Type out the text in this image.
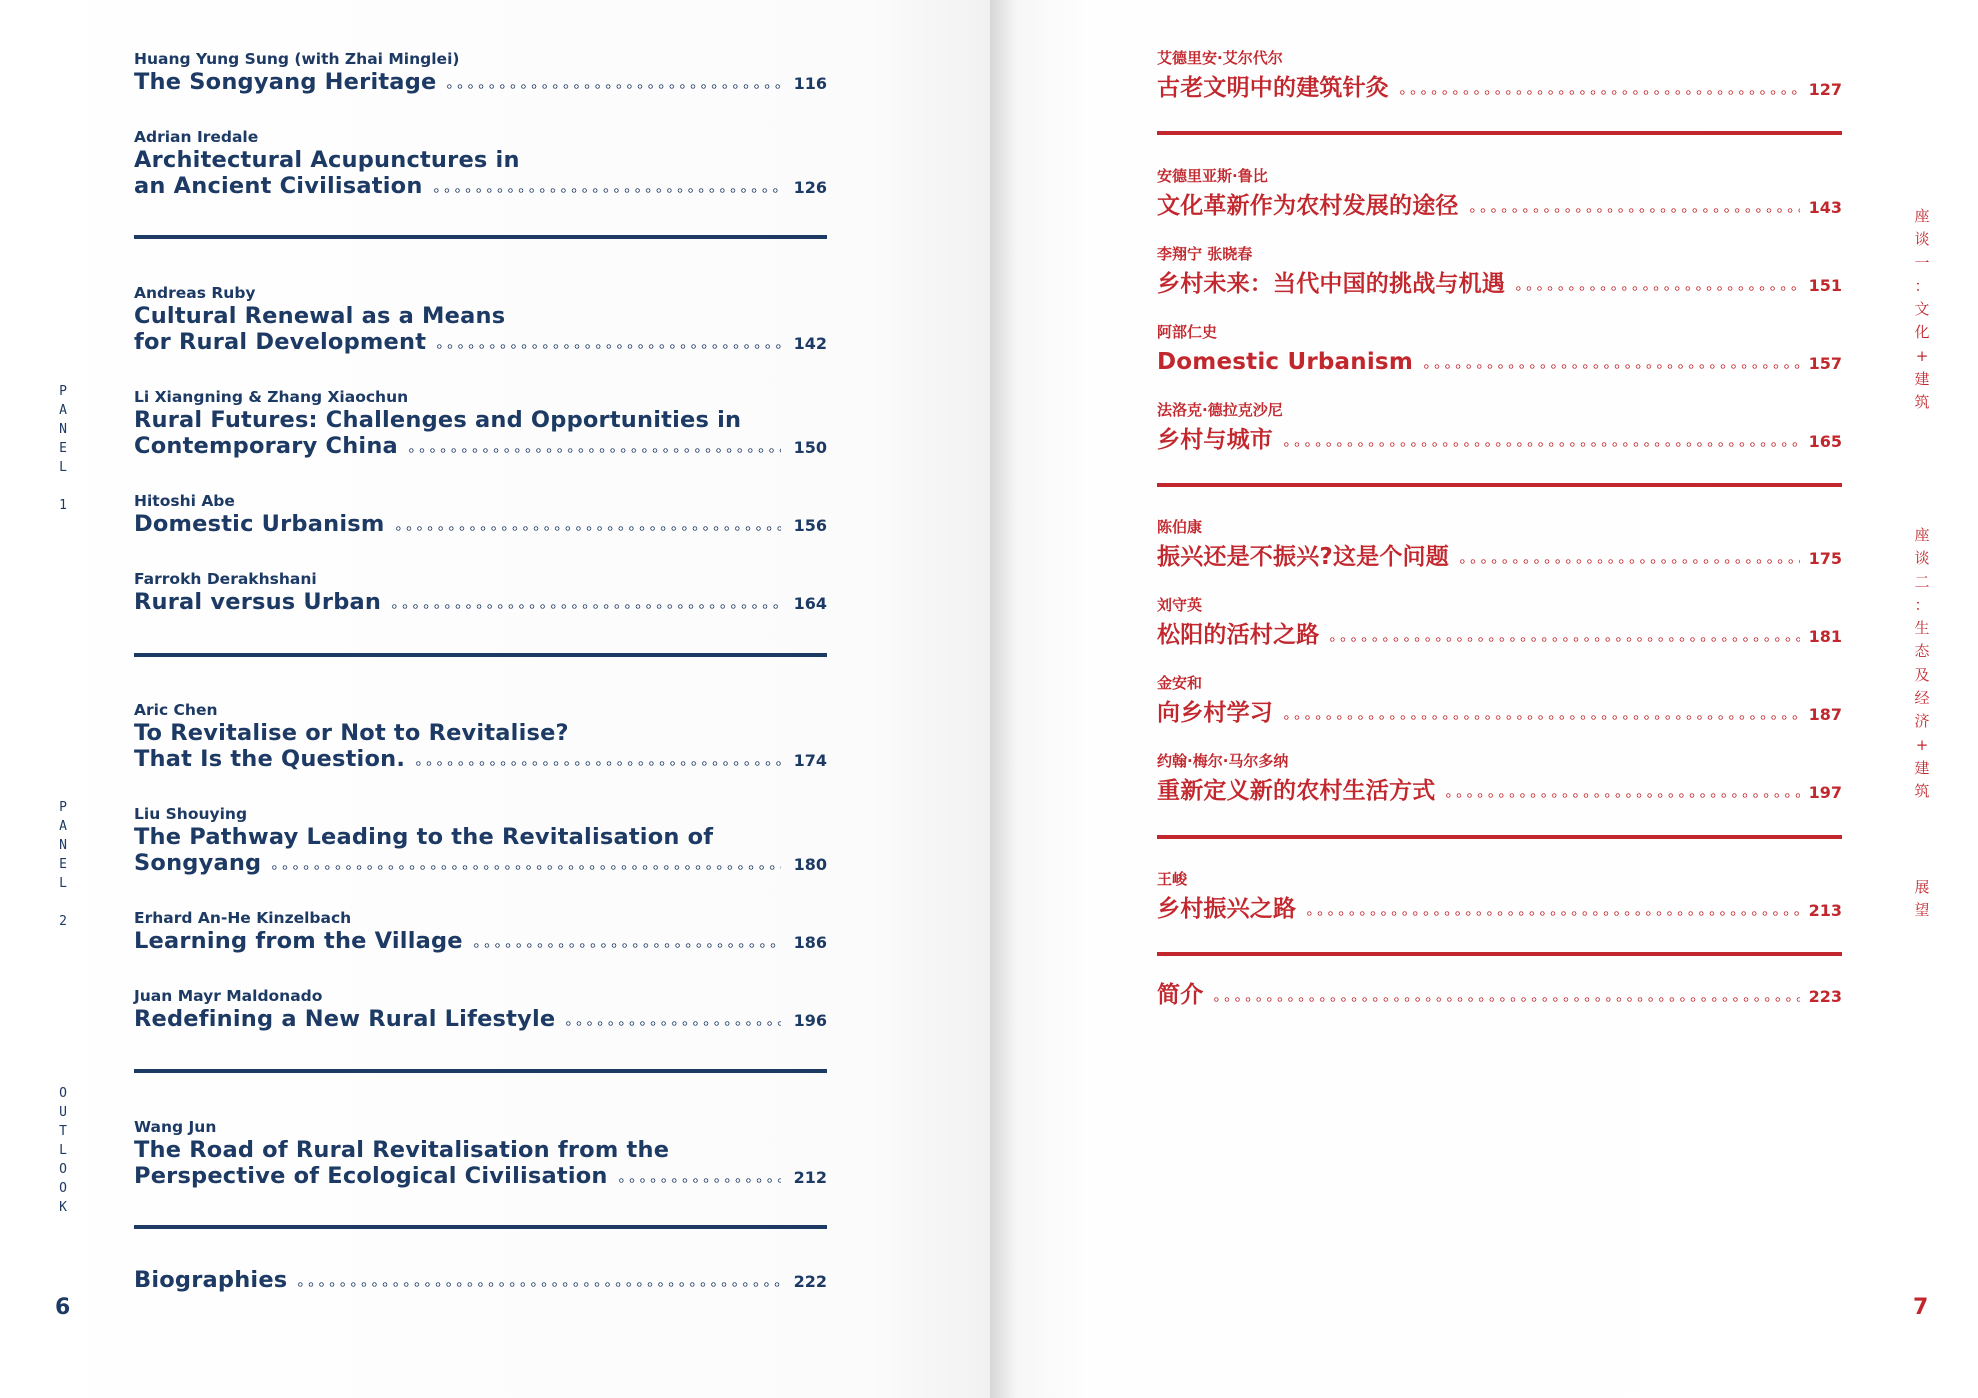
P
A
N
E
L
1
P
A
N
E
L
2
O
U
T
L
O
O
K
Huang Yung Sung (with Zhai Minglei)
The Songyang Heritage	116
Adrian Iredale
Architectural Acupunctures in
an Ancient Civilisation	126
Andreas Ruby
Cultural Renewal as a Means
for Rural Development	142
Li Xiangning & Zhang Xiaochun
Rural Futures: Challenges and Opportunities in
Contemporary China	150
Hitoshi Abe
Domestic Urbanism	156
Farrokh Derakhshani
Rural versus Urban	164
Aric Chen
To Revitalise or Not to Revitalise?
That Is the Question.	174
Liu Shouying
The Pathway Leading to the Revitalisation of
Songyang	180
Erhard An-He Kinzelbach
Learning from the Village	186
Juan Mayr Maldonado
Redefining a New Rural Lifestyle	196
Wang Jun
The Road of Rural Revitalisation from the
Perspective of Ecological Civilisation	212
Biographies	222
6
艾德里安·艾尔代尔
古老文明中的建筑针灸	127
安德里亚斯·鲁比
文化革新作为农村发展的途径	143
李翔宁 张晓春
乡村未来：当代中国的挑战与机遇	151
阿部仁史
Domestic Urbanism	157
法洛克·德拉克沙尼
乡村与城市	165
陈伯康
振兴还是不振兴?这是个问题	175
刘守英
松阳的活村之路	181
金安和
向乡村学习	187
约翰·梅尔·马尔多纳
重新定义新的农村生活方式	197
王峻
乡村振兴之路	213
简介	223
座
谈
一
：
文
化
+
建
筑
座
谈
二
：
生
态
及
经
济
+
建
筑
展
望
7
